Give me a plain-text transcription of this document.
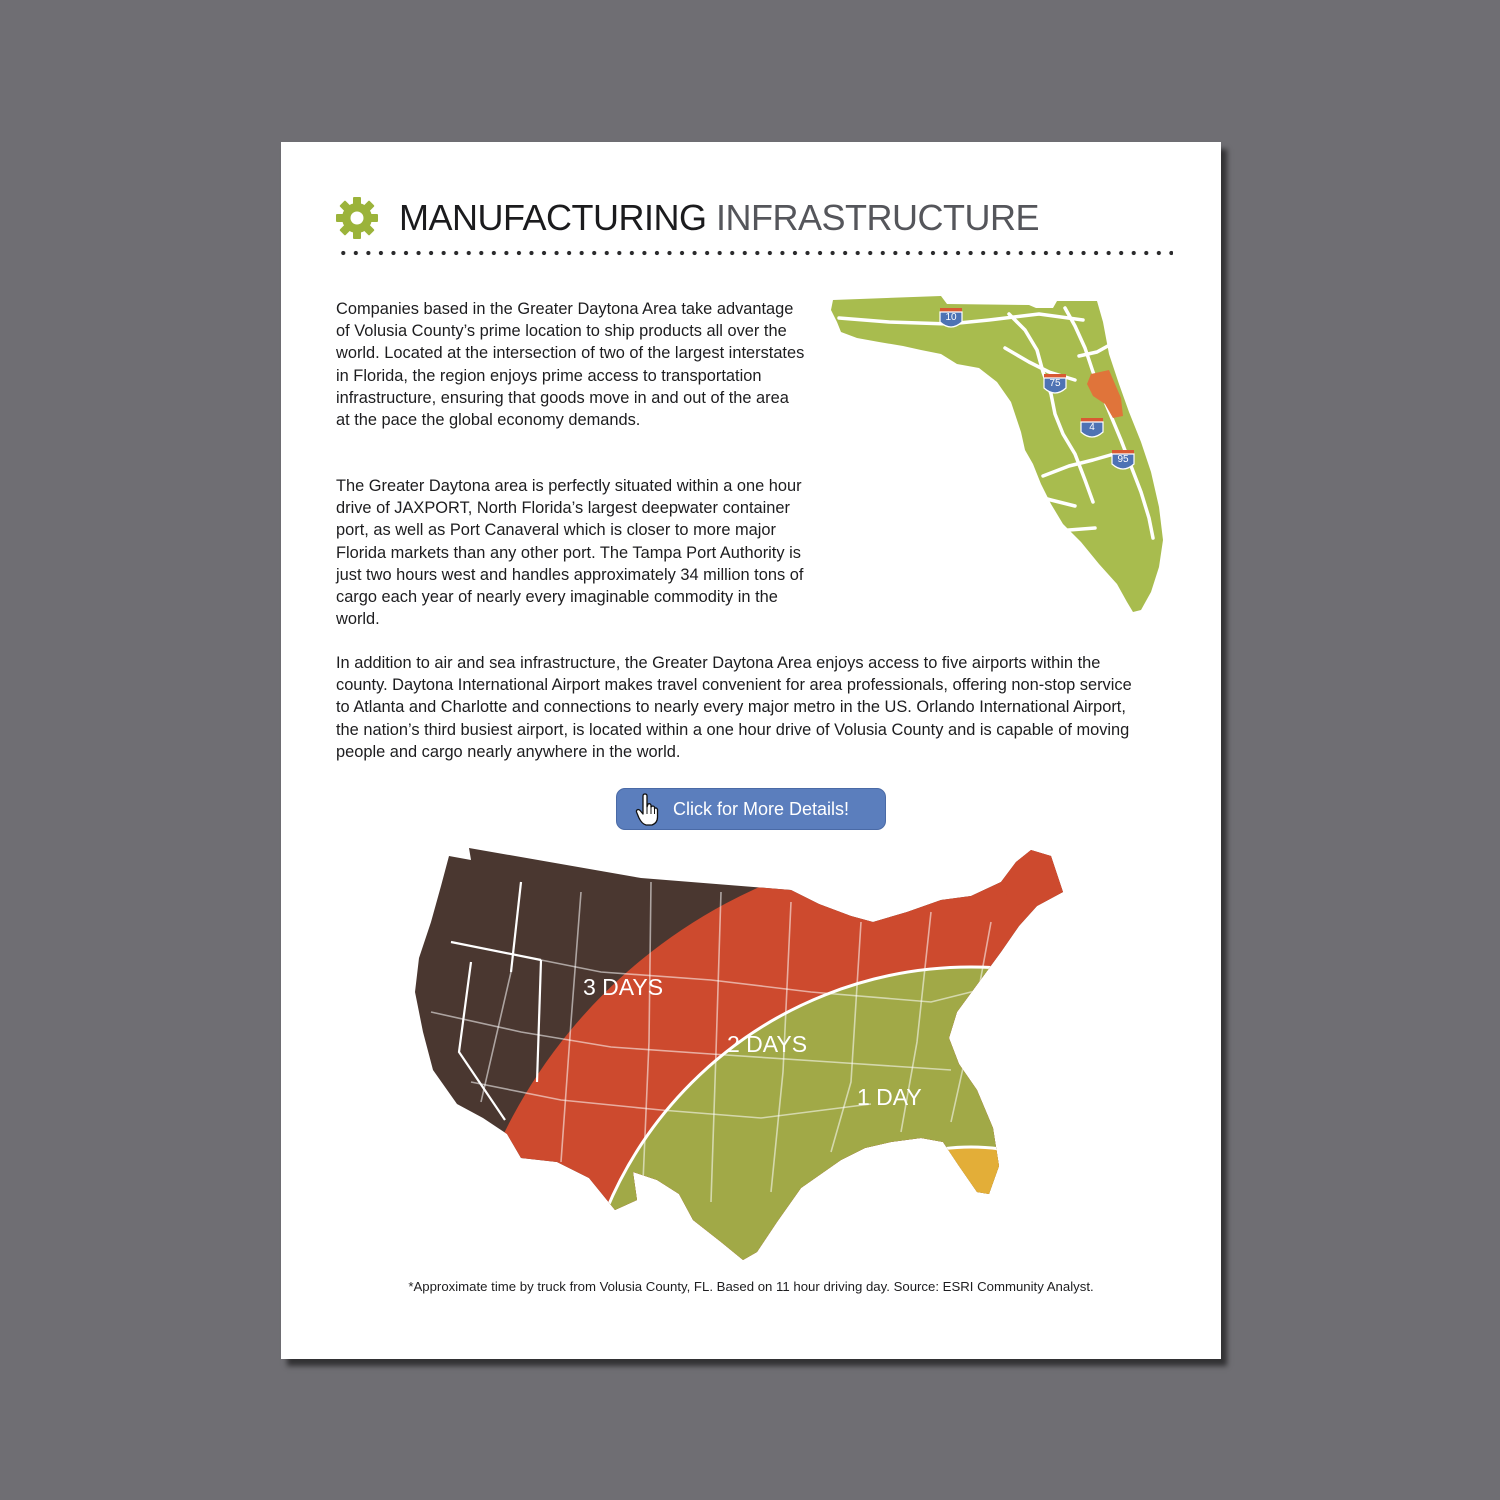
MANUFACTURING INFRASTRUCTURE

Companies based in the Greater Daytona Area take advantage of Volusia County’s prime location to ship products all over the world. Located at the intersection of two of the largest interstates in Florida, the region enjoys prime access to transportation infrastructure, ensuring that goods move in and out of the area at the pace the global economy demands.

The Greater Daytona area is perfectly situated within a one hour drive of JAXPORT, North Florida’s largest deepwater container port, as well as Port Canaveral which is closer to more major Florida markets than any other port. The Tampa Port Authority is just two hours west and handles approximately 34 million tons of cargo each year of nearly every imaginable commodity in the world.

In addition to air and sea infrastructure, the Greater Daytona Area enjoys access to five airports within the county. Daytona International Airport makes travel convenient for area professionals, offering non-stop service to Atlanta and Charlotte and connections to nearly every major metro in the US. Orlando International Airport, the nation’s third busiest airport, is located within a one hour drive of Volusia County and is capable of moving people and cargo nearly anywhere in the world.

10
75
4
95
Click for More Details!
3 DAYS
2 DAYS
1 DAY
*Approximate time by truck from Volusia County, FL. Based on 11 hour driving day. Source: ESRI Community Analyst.
